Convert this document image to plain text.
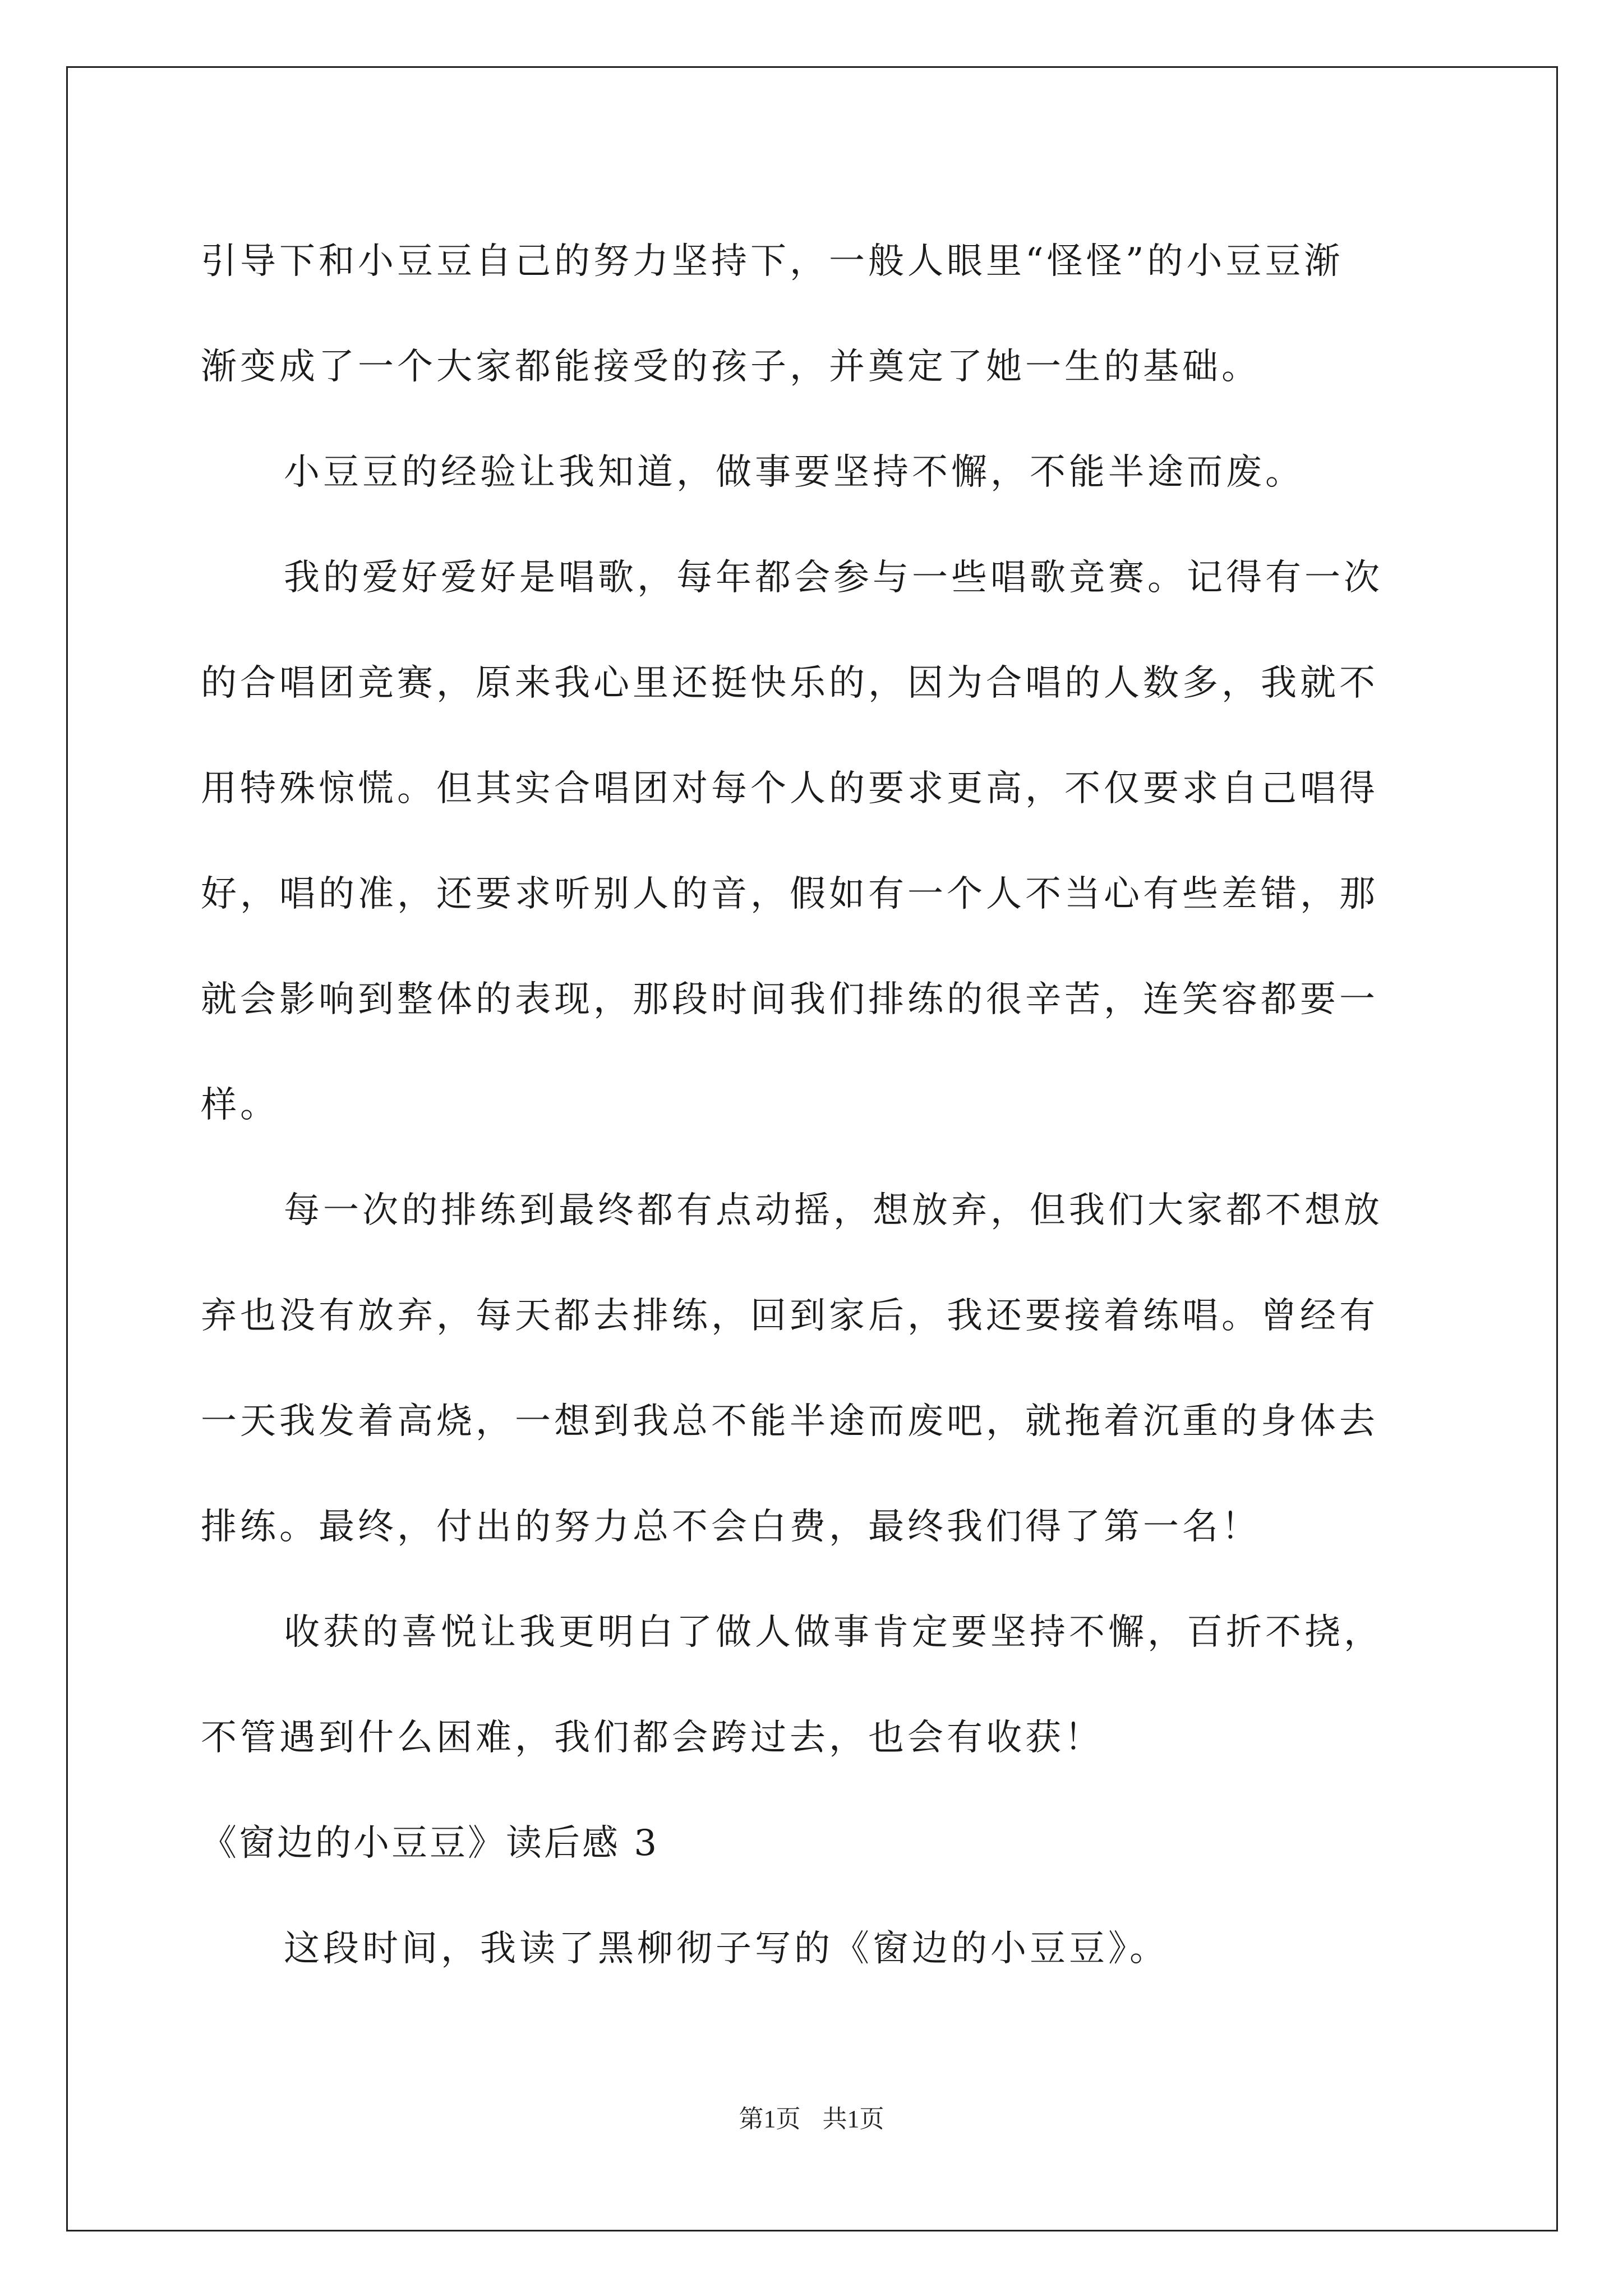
引导下和小豆豆自己的努力坚持下，一般人眼里“怪怪”的小豆豆渐
渐变成了一个大家都能接受的孩子，并奠定了她一生的基础。
小豆豆的经验让我知道，做事要坚持不懈，不能半途而废。
我的爱好爱好是唱歌，每年都会参与一些唱歌竞赛。记得有一次
的合唱团竞赛，原来我心里还挺快乐的，因为合唱的人数多，我就不
用特殊惊慌。但其实合唱团对每个人的要求更高，不仅要求自己唱得
好，唱的准，还要求听别人的音，假如有一个人不当心有些差错，那
就会影响到整体的表现，那段时间我们排练的很辛苦，连笑容都要一
样。
每一次的排练到最终都有点动摇，想放弃，但我们大家都不想放
弃也没有放弃，每天都去排练，回到家后，我还要接着练唱。曾经有
一天我发着高烧，一想到我总不能半途而废吧，就拖着沉重的身体去
排练。最终，付出的努力总不会白费，最终我们得了第一名！
收获的喜悦让我更明白了做人做事肯定要坚持不懈，百折不挠，
不管遇到什么困难，我们都会跨过去，也会有收获！
《窗边的小豆豆》读后感 3
这段时间，我读了黑柳彻子写的《窗边的小豆豆》。
第1页 共1页
